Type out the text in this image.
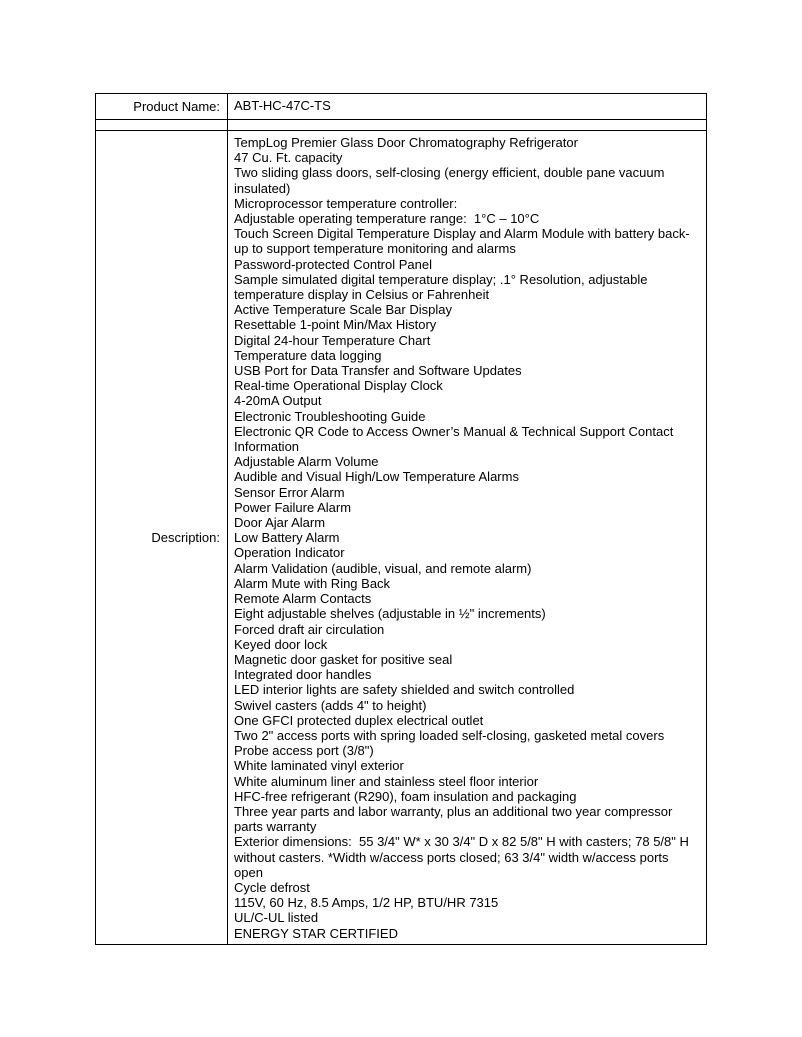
Product Name:	ABT-HC-47C-TS

Description:	
TempLog Premier Glass Door Chromatography Refrigerator
47 Cu. Ft. capacity
Two sliding glass doors, self-closing (energy efficient, double pane vacuum insulated)
Microprocessor temperature controller:
Adjustable operating temperature range:  1°C – 10°C
Touch Screen Digital Temperature Display and Alarm Module with battery back-up to support temperature monitoring and alarms
Password-protected Control Panel
Sample simulated digital temperature display; .1° Resolution, adjustable temperature display in Celsius or Fahrenheit
Active Temperature Scale Bar Display
Resettable 1-point Min/Max History
Digital 24-hour Temperature Chart
Temperature data logging
USB Port for Data Transfer and Software Updates
Real-time Operational Display Clock
4-20mA Output
Electronic Troubleshooting Guide
Electronic QR Code to Access Owner’s Manual & Technical Support Contact Information
Adjustable Alarm Volume
Audible and Visual High/Low Temperature Alarms
Sensor Error Alarm
Power Failure Alarm
Door Ajar Alarm
Low Battery Alarm
Operation Indicator
Alarm Validation (audible, visual, and remote alarm)
Alarm Mute with Ring Back
Remote Alarm Contacts
Eight adjustable shelves (adjustable in ½" increments)
Forced draft air circulation
Keyed door lock
Magnetic door gasket for positive seal
Integrated door handles
LED interior lights are safety shielded and switch controlled
Swivel casters (adds 4" to height)
One GFCI protected duplex electrical outlet
Two 2" access ports with spring loaded self-closing, gasketed metal covers
Probe access port (3/8")
White laminated vinyl exterior
White aluminum liner and stainless steel floor interior
HFC-free refrigerant (R290), foam insulation and packaging
Three year parts and labor warranty, plus an additional two year compressor parts warranty
Exterior dimensions:  55 3/4" W* x 30 3/4" D x 82 5/8" H with casters; 78 5/8" H without casters. *Width w/access ports closed; 63 3/4" width w/access ports open
Cycle defrost
115V, 60 Hz, 8.5 Amps, 1/2 HP, BTU/HR 7315
UL/C-UL listed
ENERGY STAR CERTIFIED
